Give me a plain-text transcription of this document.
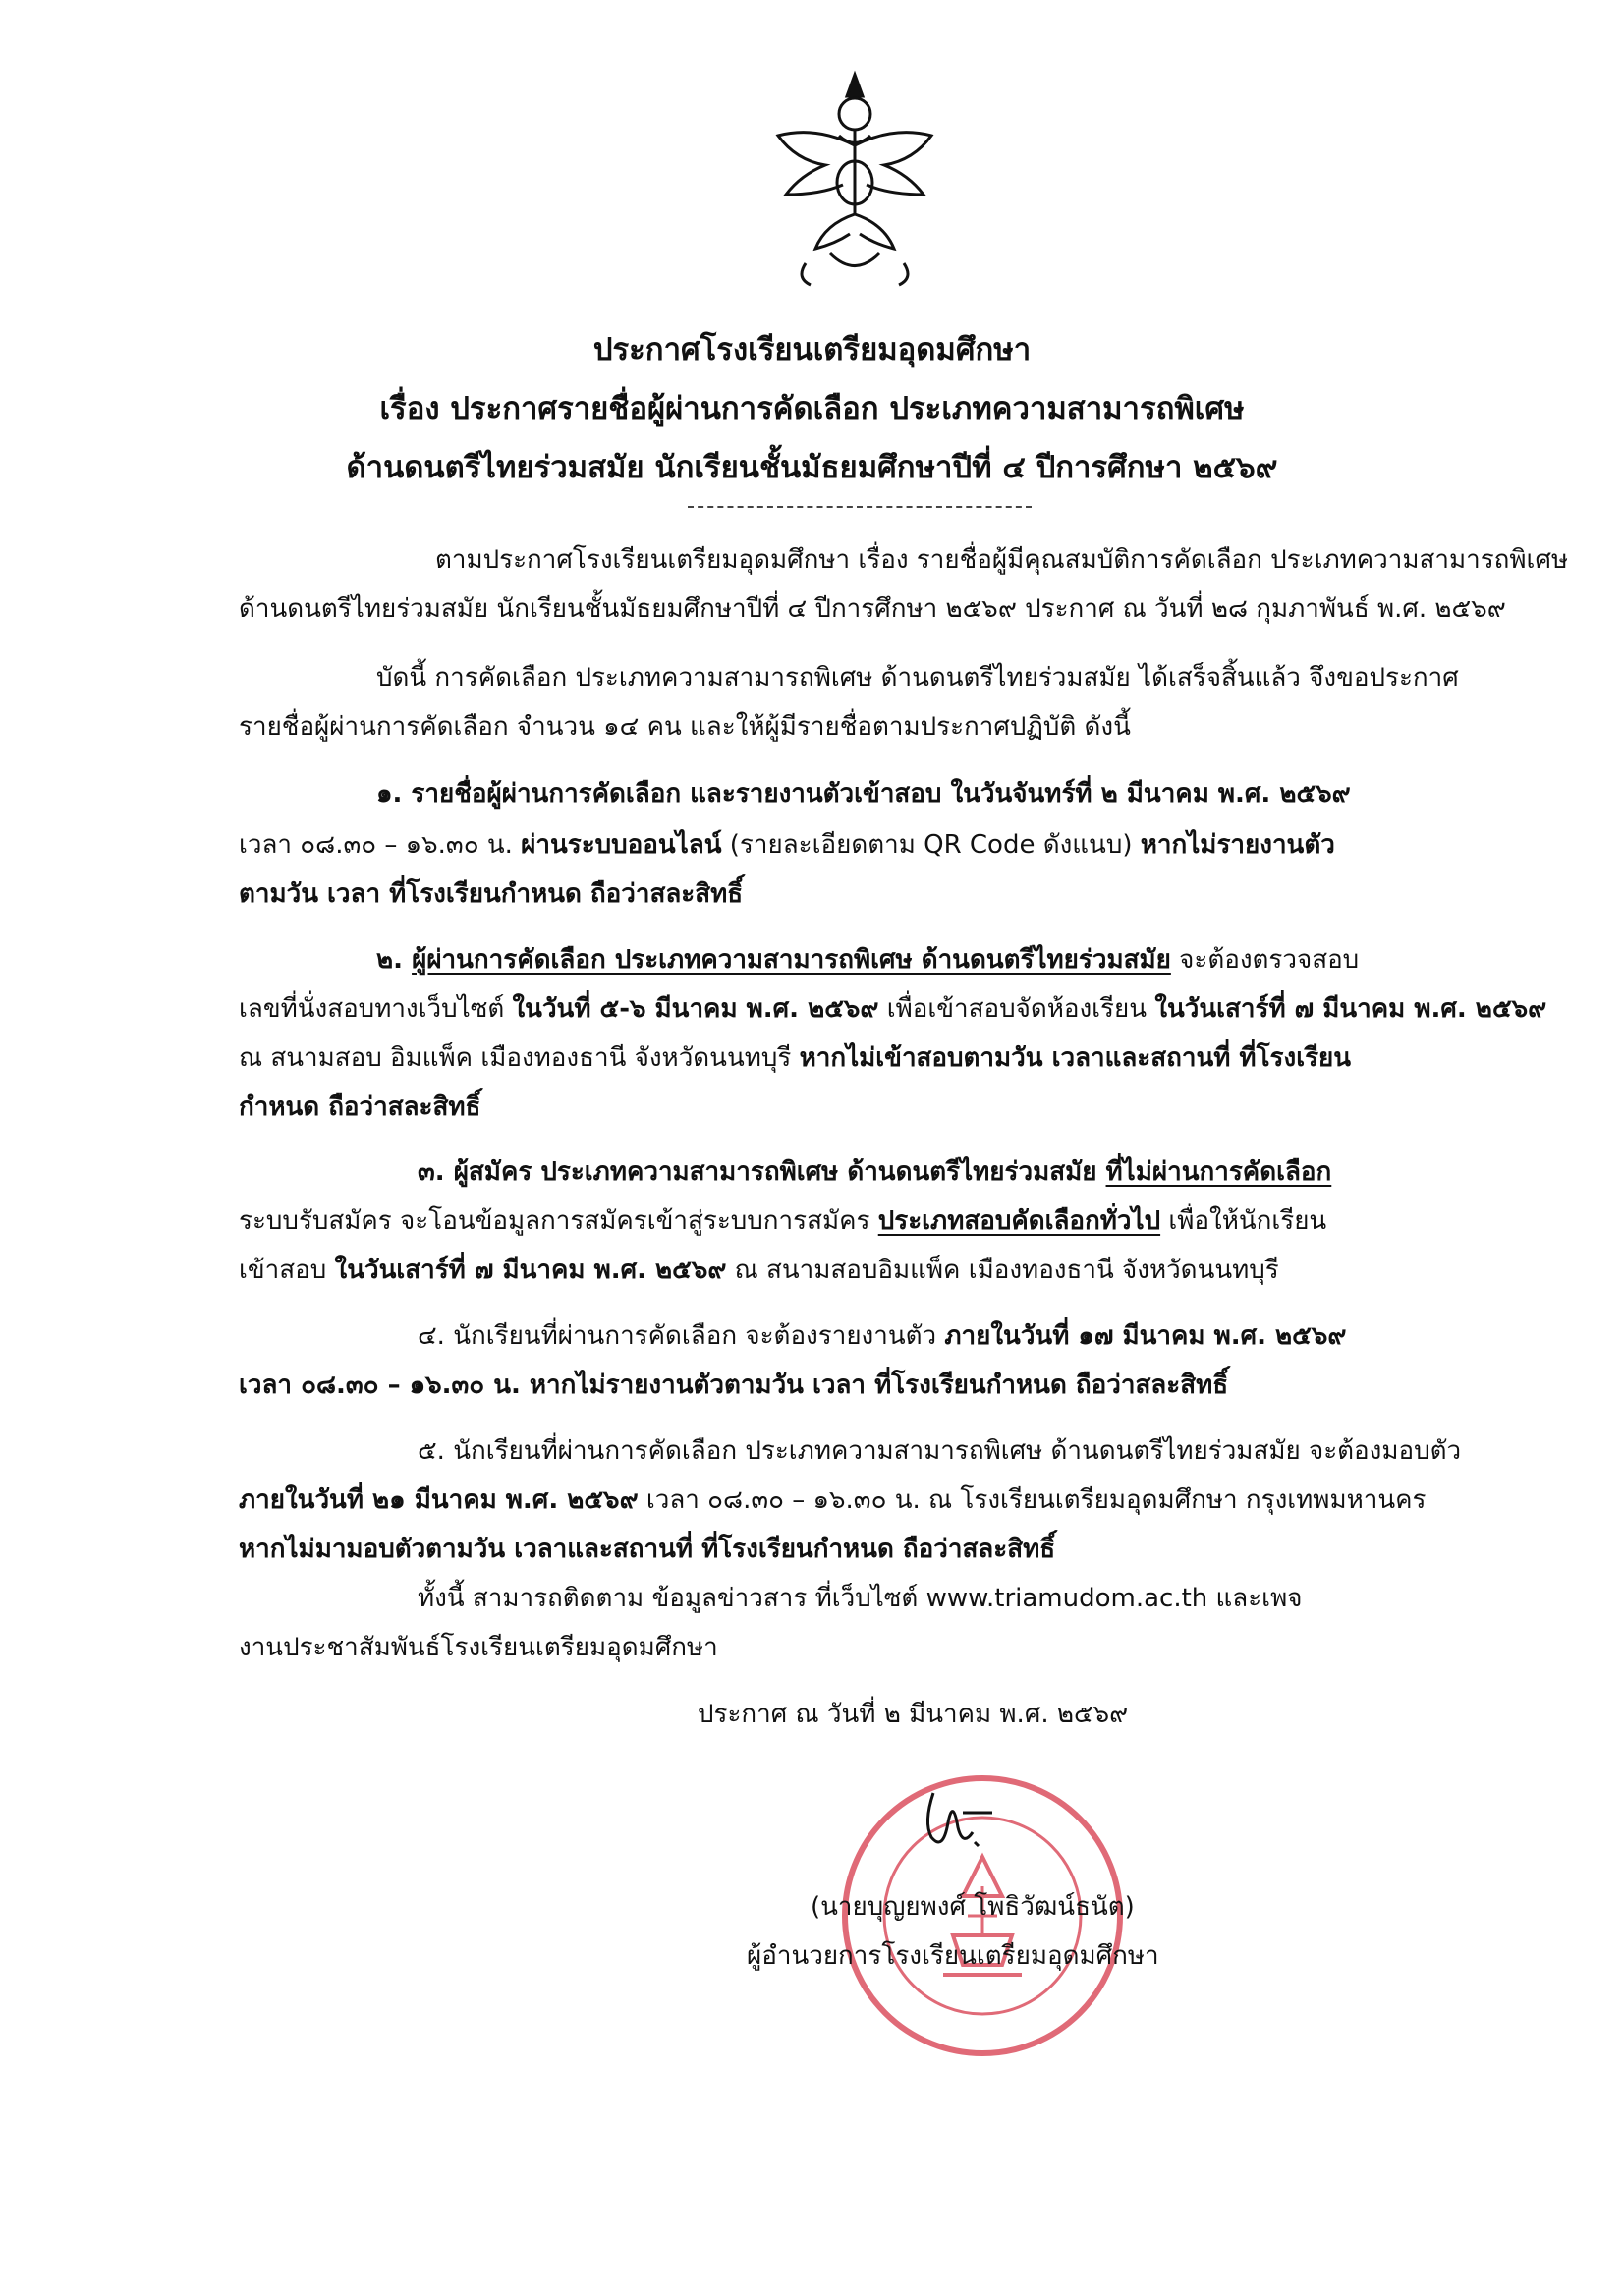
ประกาศโรงเรียนเตรียมอุดมศึกษา
เรื่อง ประกาศรายชื่อผู้ผ่านการคัดเลือก ประเภทความสามารถพิเศษ
ด้านดนตรีไทยร่วมสมัย นักเรียนชั้นมัธยมศึกษาปีที่ ๔ ปีการศึกษา ๒๕๖๙
ตามประกาศโรงเรียนเตรียมอุดมศึกษา เรื่อง รายชื่อผู้มีคุณสมบัติการคัดเลือก ประเภทความสามารถพิเศษ
ด้านดนตรีไทยร่วมสมัย นักเรียนชั้นมัธยมศึกษาปีที่ ๔ ปีการศึกษา ๒๕๖๙ ประกาศ ณ วันที่ ๒๘ กุมภาพันธ์ พ.ศ. ๒๕๖๙
บัดนี้ การคัดเลือก ประเภทความสามารถพิเศษ ด้านดนตรีไทยร่วมสมัย ได้เสร็จสิ้นแล้ว จึงขอประกาศ
รายชื่อผู้ผ่านการคัดเลือก จำนวน ๑๔ คน และให้ผู้มีรายชื่อตามประกาศปฏิบัติ ดังนี้
๑. รายชื่อผู้ผ่านการคัดเลือก และรายงานตัวเข้าสอบ ในวันจันทร์ที่ ๒ มีนาคม พ.ศ. ๒๕๖๙
เวลา ๐๘.๓๐ – ๑๖.๓๐ น. ผ่านระบบออนไลน์ (รายละเอียดตาม QR Code ดังแนบ) หากไม่รายงานตัว
ตามวัน เวลา ที่โรงเรียนกำหนด ถือว่าสละสิทธิ์
๒. ผู้ผ่านการคัดเลือก ประเภทความสามารถพิเศษ ด้านดนตรีไทยร่วมสมัย จะต้องตรวจสอบ
เลขที่นั่งสอบทางเว็บไซต์ ในวันที่ ๕-๖ มีนาคม พ.ศ. ๒๕๖๙ เพื่อเข้าสอบจัดห้องเรียน ในวันเสาร์ที่ ๗ มีนาคม พ.ศ. ๒๕๖๙
ณ สนามสอบ อิมแพ็ค เมืองทองธานี จังหวัดนนทบุรี หากไม่เข้าสอบตามวัน เวลาและสถานที่ ที่โรงเรียน
กำหนด ถือว่าสละสิทธิ์
๓. ผู้สมัคร ประเภทความสามารถพิเศษ ด้านดนตรีไทยร่วมสมัย ที่ไม่ผ่านการคัดเลือก
ระบบรับสมัคร จะโอนข้อมูลการสมัครเข้าสู่ระบบการสมัคร ประเภทสอบคัดเลือกทั่วไป เพื่อให้นักเรียน
เข้าสอบ ในวันเสาร์ที่ ๗ มีนาคม พ.ศ. ๒๕๖๙ ณ สนามสอบอิมแพ็ค เมืองทองธานี จังหวัดนนทบุรี
๔. นักเรียนที่ผ่านการคัดเลือก จะต้องรายงานตัว ภายในวันที่ ๑๗ มีนาคม พ.ศ. ๒๕๖๙
เวลา ๐๘.๓๐ – ๑๖.๓๐ น. หากไม่รายงานตัวตามวัน เวลา ที่โรงเรียนกำหนด ถือว่าสละสิทธิ์
๕. นักเรียนที่ผ่านการคัดเลือก ประเภทความสามารถพิเศษ ด้านดนตรีไทยร่วมสมัย จะต้องมอบตัว
ภายในวันที่ ๒๑ มีนาคม พ.ศ. ๒๕๖๙ เวลา ๐๘.๓๐ – ๑๖.๓๐ น. ณ โรงเรียนเตรียมอุดมศึกษา กรุงเทพมหานคร
หากไม่มามอบตัวตามวัน เวลาและสถานที่ ที่โรงเรียนกำหนด ถือว่าสละสิทธิ์
ทั้งนี้ สามารถติดตาม ข้อมูลข่าวสาร ที่เว็บไซต์ www.triamudom.ac.th และเพจ
งานประชาสัมพันธ์โรงเรียนเตรียมอุดมศึกษา
ประกาศ ณ วันที่ ๒ มีนาคม พ.ศ. ๒๕๖๙
(นายบุญยพงศ์ โพธิวัฒน์ธนัต)
ผู้อำนวยการโรงเรียนเตรียมอุดมศึกษา
